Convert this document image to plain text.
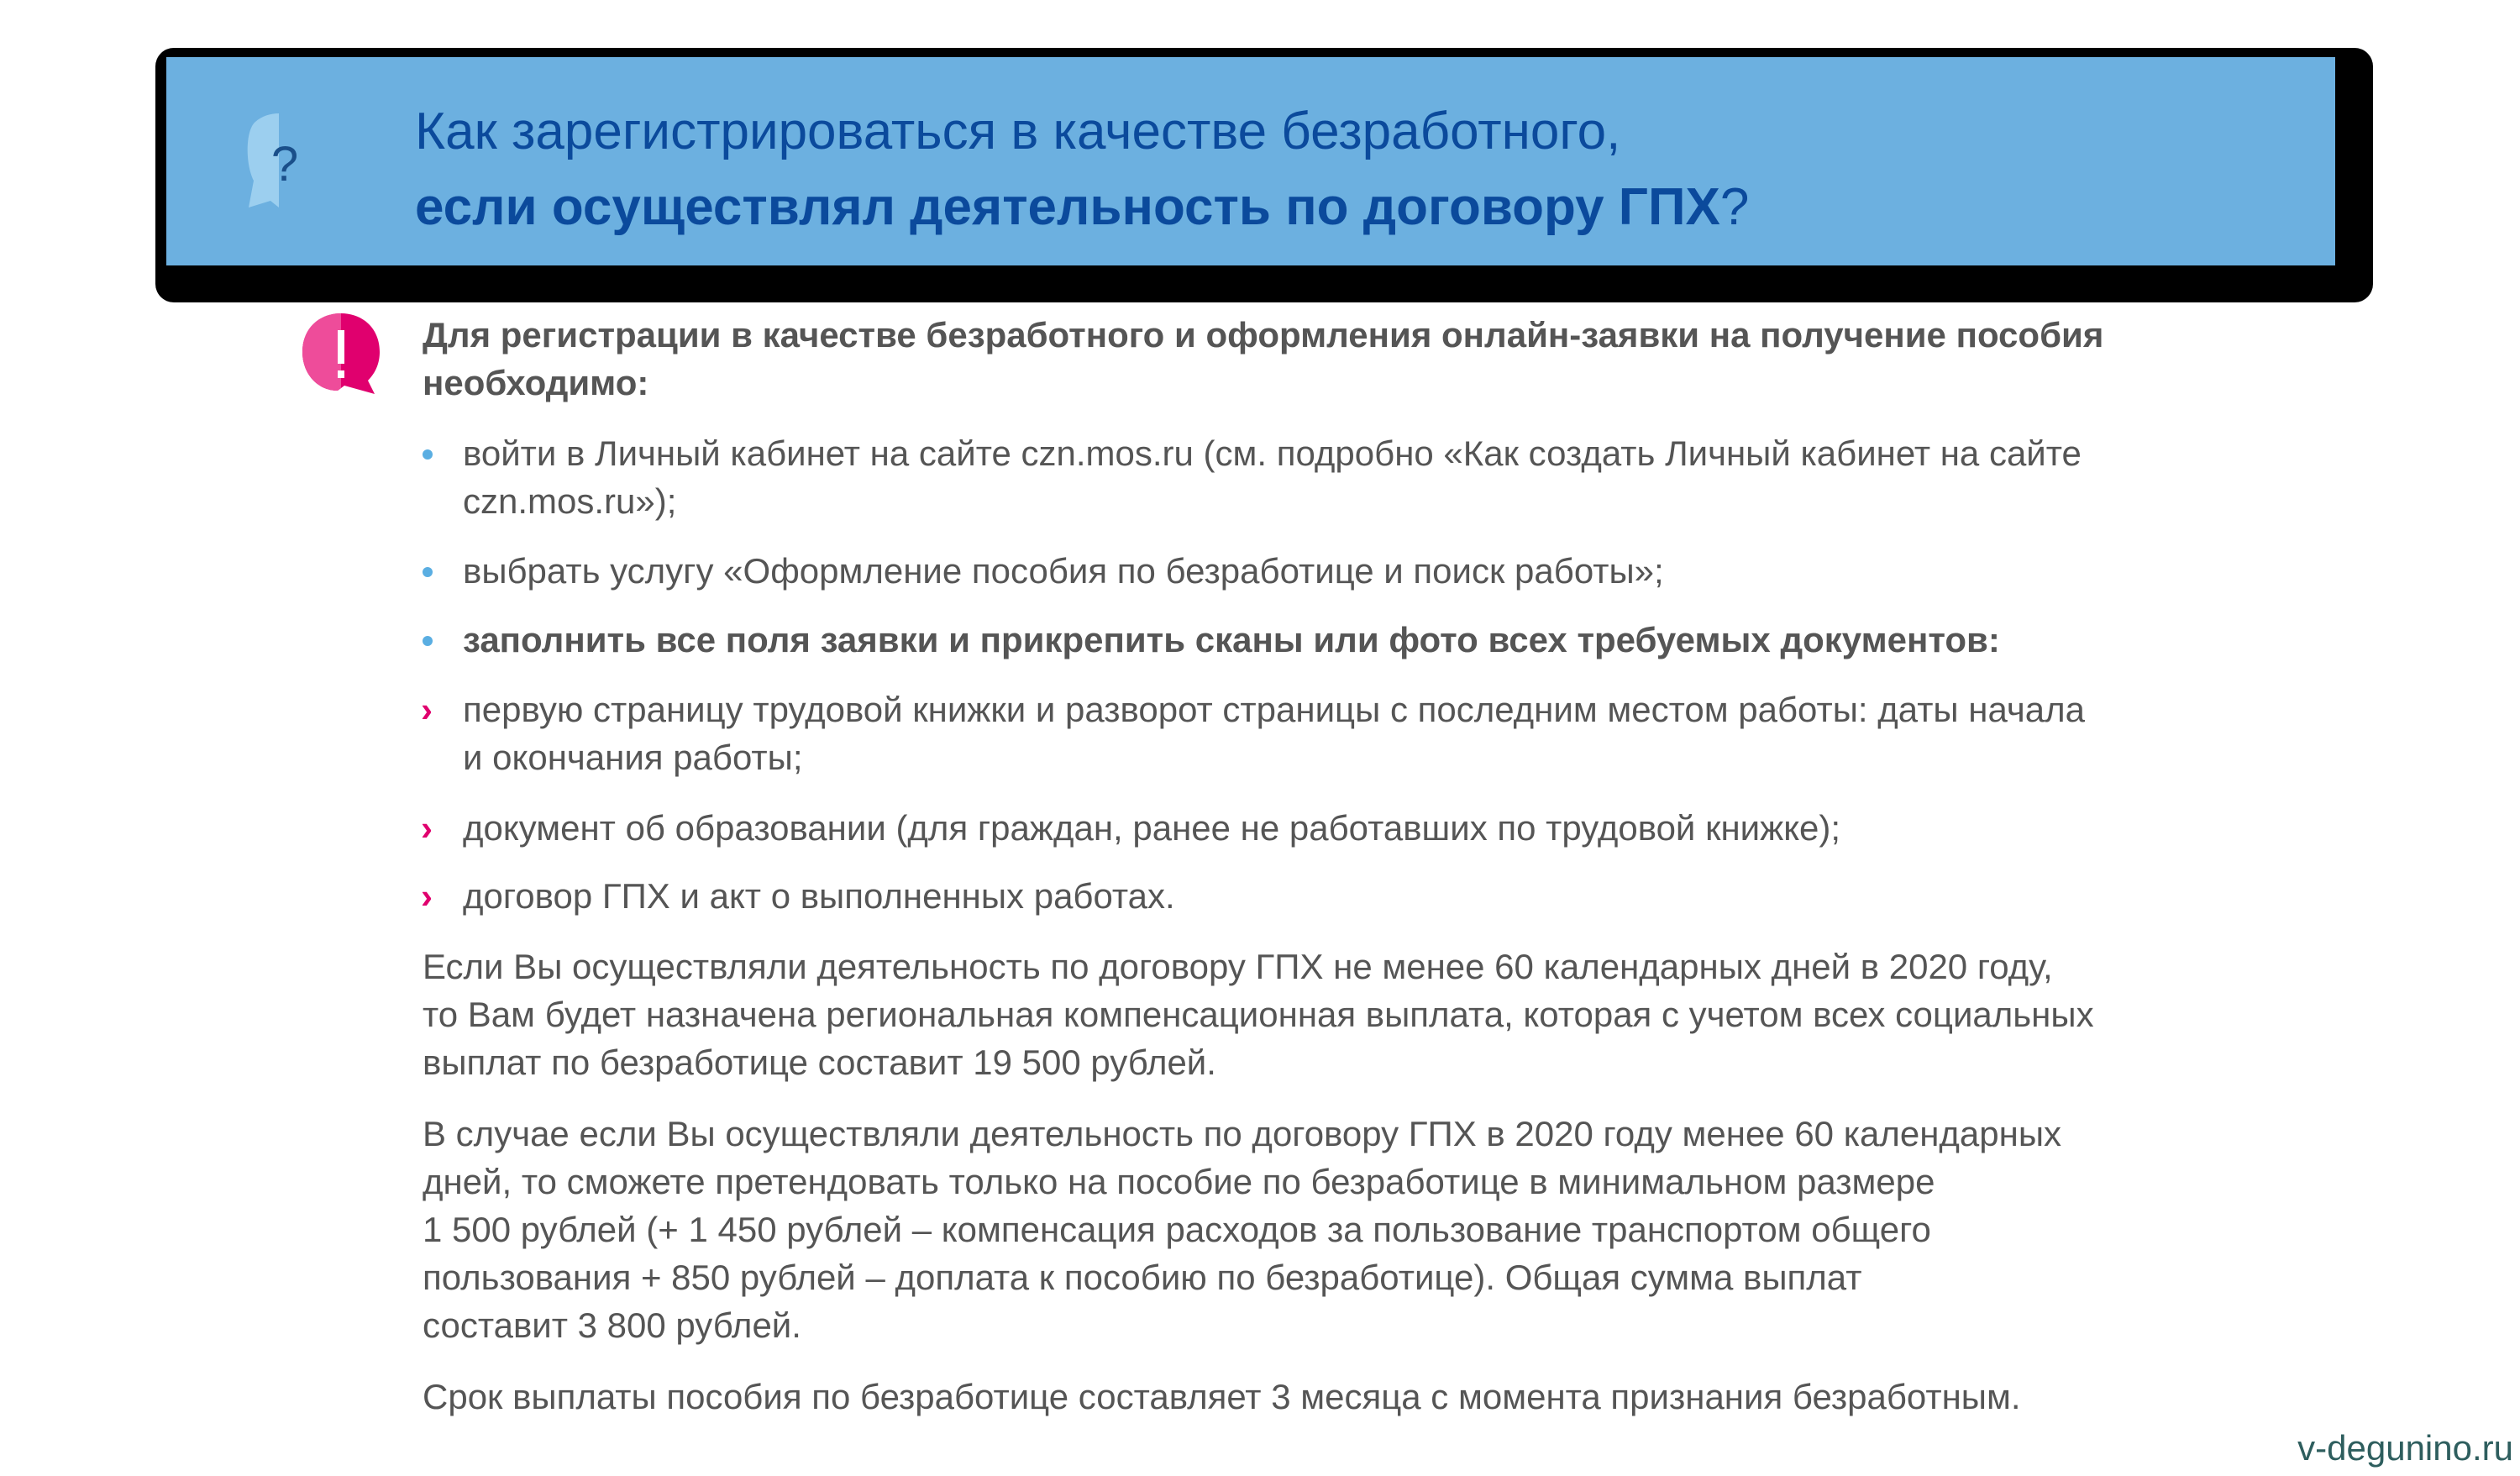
?
Как зарегистрироваться в качестве безработного,
если осуществлял деятельность по договору ГПХ?
Для регистрации в качестве безработного и оформления онлайн-заявки на получение пособия
необходимо:
войти в Личный кабинет на сайте czn.mos.ru (см. подробно «Как создать Личный кабинет на сайте
czn.mos.ru»);
выбрать услугу «Оформление пособия по безработице и поиск работы»;
заполнить все поля заявки и прикрепить сканы или фото всех требуемых документов:
› первую страницу трудовой книжки и разворот страницы с последним местом работы: даты начала
и окончания работы;
› документ об образовании (для граждан, ранее не работавших по трудовой книжке);
› договор ГПХ и акт о выполненных работах.
Если Вы осуществляли деятельность по договору ГПХ не менее 60 календарных дней в 2020 году,
то Вам будет назначена региональная компенсационная выплата, которая с учетом всех социальных
выплат по безработице составит 19 500 рублей.
В случае если Вы осуществляли деятельность по договору ГПХ в 2020 году менее 60 календарных
дней, то сможете претендовать только на пособие по безработице в минимальном размере
1 500 рублей (+ 1 450 рублей – компенсация расходов за пользование транспортом общего
пользования + 850 рублей – доплата к пособию по безработице). Общая сумма выплат
составит 3 800 рублей.
Срок выплаты пособия по безработице составляет 3 месяца с момента признания безработным.
v-degunino.ru
